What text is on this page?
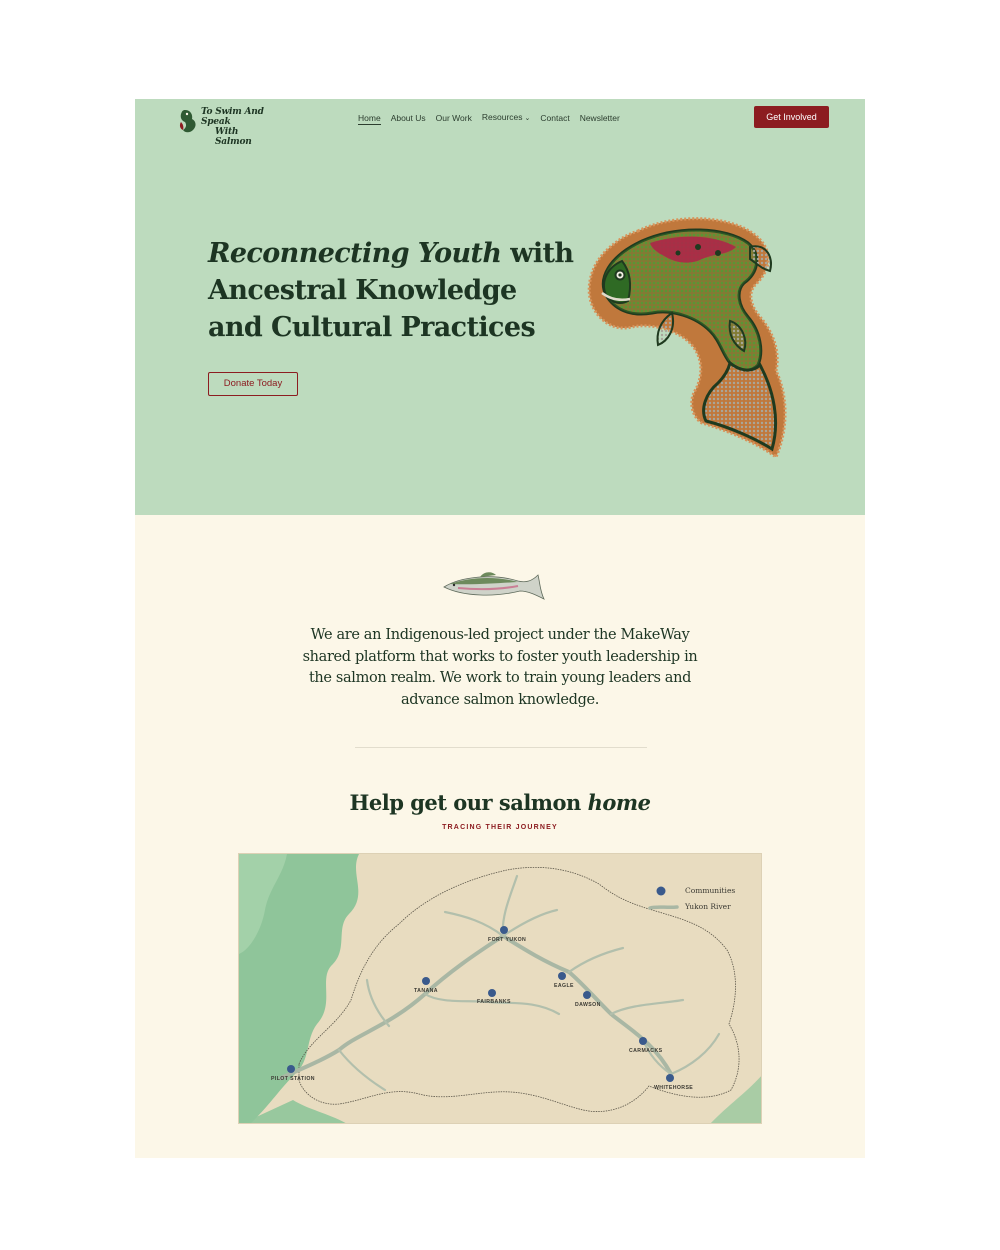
To Swim And Speak
With Salmon
Home About Us Our Work Resources ⌄ Contact Newsletter	Get Involved
Reconnecting Youth with
Ancestral Knowledge
and Cultural Practices
Donate Today

We are an Indigenous-led project under the MakeWay shared platform that works to foster youth leadership in the salmon realm. We work to train young leaders and advance salmon knowledge.

Help get our salmon home
TRACING THEIR JOURNEY
Communities
Yukon River
FORT YUKON
TANANA
FAIRBANKS
EAGLE
DAWSON
CARMACKS
PILOT STATION
WHITEHORSE
